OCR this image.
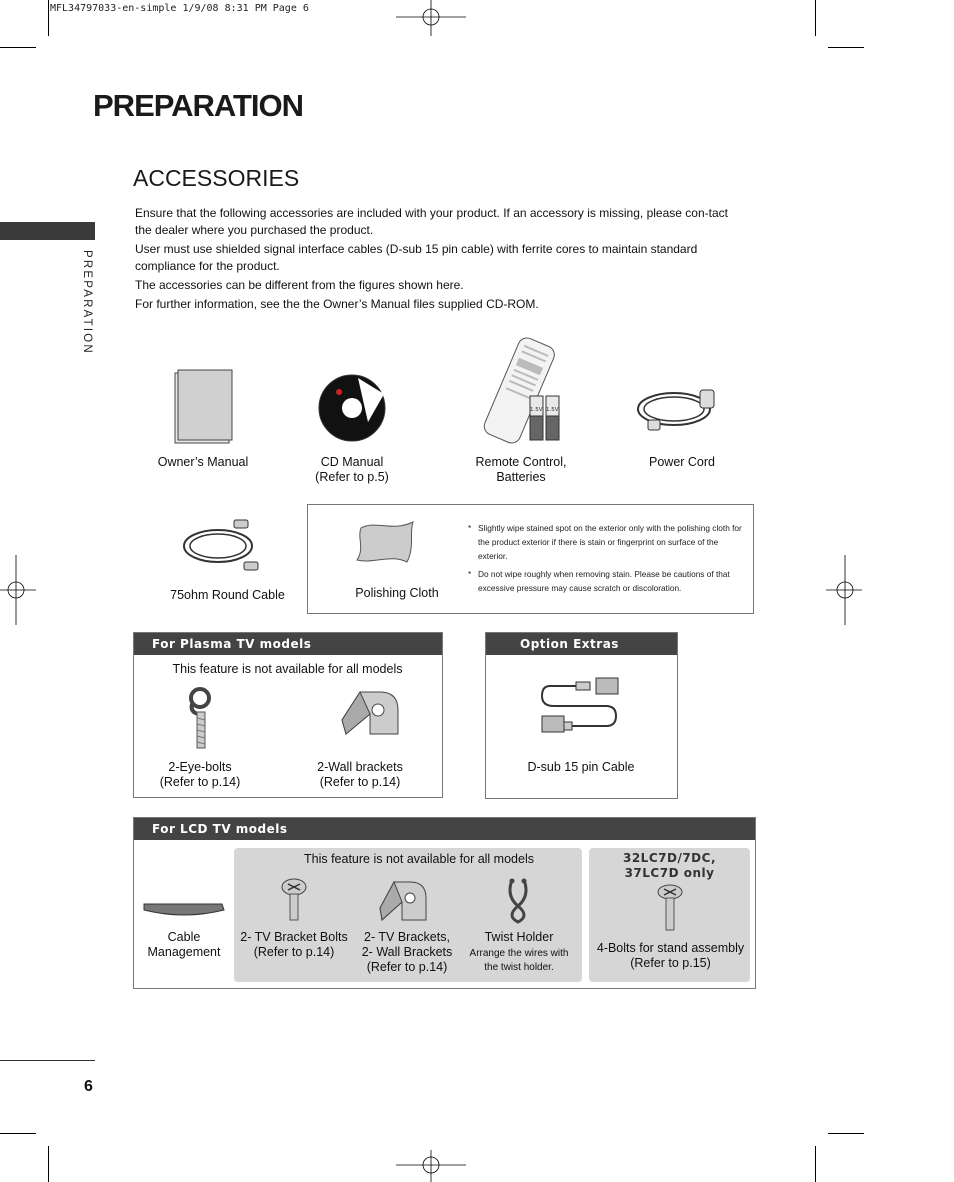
MFL34797033-en-simple 1/9/08 8:31 PM Page 6
PREPARATION
ACCESSORIES
PREPARATION

Ensure that the following accessories are included with your product. If an accessory is missing, please con-tact the dealer where you purchased the product.

User must use shielded signal interface cables (D-sub 15 pin cable) with ferrite cores to maintain standard compliance for the product.

The accessories can be different from the figures shown here.

For further information, see the the Owner’s Manual files supplied CD-ROM.

Owner’s Manual	CD Manual
(Refer to p.5)
1.5V 1.5V
Remote Control,
Batteries
Power Cord
75ohm Round Cable	Polishing Cloth
* Slightly wipe stained spot on the exterior only with the polishing cloth for the product exterior if there is stain or fingerprint on surface of the exterior.
* Do not wipe roughly when removing stain. Please be cautions of that excessive pressure may cause scratch or discoloration.
For Plasma TV models
This feature is not available for all models
2-Eye-bolts
(Refer to p.14)
2-Wall brackets
(Refer to p.14)
Option Extras
D-sub 15 pin Cable
For LCD TV models
Cable
Management
This feature is not available for all models
2- TV Bracket Bolts
(Refer to p.14)
2- TV Brackets,
2- Wall Brackets
(Refer to p.14)
Twist Holder
Arrange the wires with
the twist holder.
32LC7D/7DC,
37LC7D only
4-Bolts for stand assembly
(Refer to p.15)
6
